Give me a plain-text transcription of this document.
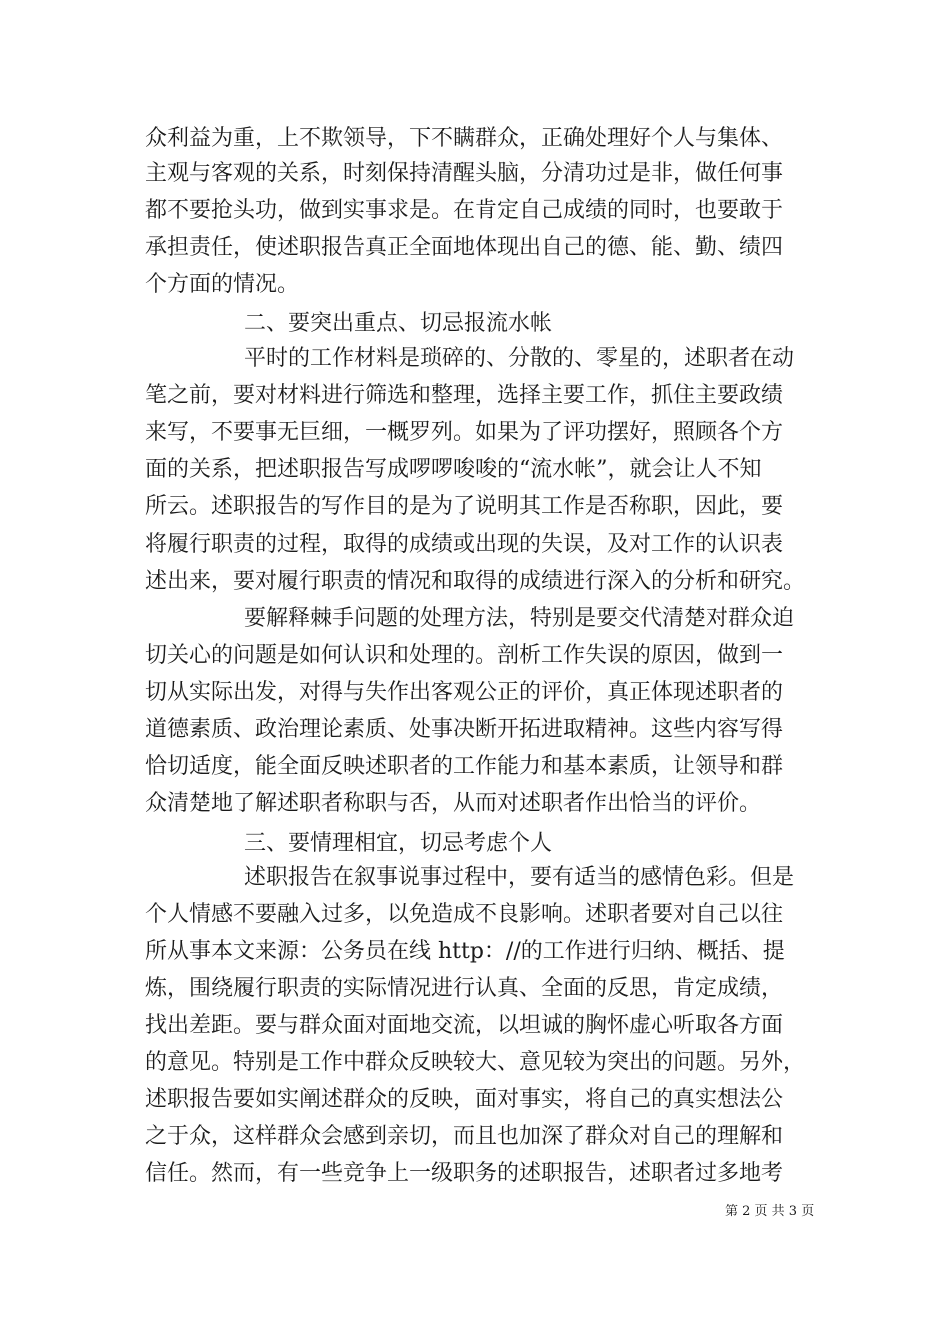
众利益为重，上不欺领导，下不瞒群众，正确处理好个人与集体、
主观与客观的关系，时刻保持清醒头脑，分清功过是非，做任何事
都不要抢头功，做到实事求是。在肯定自己成绩的同时，也要敢于
承担责任，使述职报告真正全面地体现出自己的德、能、勤、绩四
个方面的情况。
二、要突出重点、切忌报流水帐
平时的工作材料是琐碎的、分散的、零星的，述职者在动
笔之前，要对材料进行筛选和整理，选择主要工作，抓住主要政绩
来写，不要事无巨细，一概罗列。如果为了评功摆好，照顾各个方
面的关系，把述职报告写成啰啰唆唆的“流水帐”，就会让人不知
所云。述职报告的写作目的是为了说明其工作是否称职，因此，要
将履行职责的过程，取得的成绩或出现的失误，及对工作的认识表
述出来，要对履行职责的情况和取得的成绩进行深入的分析和研究。
要解释棘手问题的处理方法，特别是要交代清楚对群众迫
切关心的问题是如何认识和处理的。剖析工作失误的原因，做到一
切从实际出发，对得与失作出客观公正的评价，真正体现述职者的
道德素质、政治理论素质、处事决断开拓进取精神。这些内容写得
恰切适度，能全面反映述职者的工作能力和基本素质，让领导和群
众清楚地了解述职者称职与否，从而对述职者作出恰当的评价。
三、要情理相宜，切忌考虑个人
述职报告在叙事说事过程中，要有适当的感情色彩。但是
个人情感不要融入过多，以免造成不良影响。述职者要对自己以往
所从事本文来源：公务员在线 http：//的工作进行归纳、概括、提
炼，围绕履行职责的实际情况进行认真、全面的反思，肯定成绩，
找出差距。要与群众面对面地交流，以坦诚的胸怀虚心听取各方面
的意见。特别是工作中群众反映较大、意见较为突出的问题。另外，
述职报告要如实阐述群众的反映，面对事实，将自己的真实想法公
之于众，这样群众会感到亲切，而且也加深了群众对自己的理解和
信任。然而，有一些竞争上一级职务的述职报告，述职者过多地考
第 2 页 共 3 页
